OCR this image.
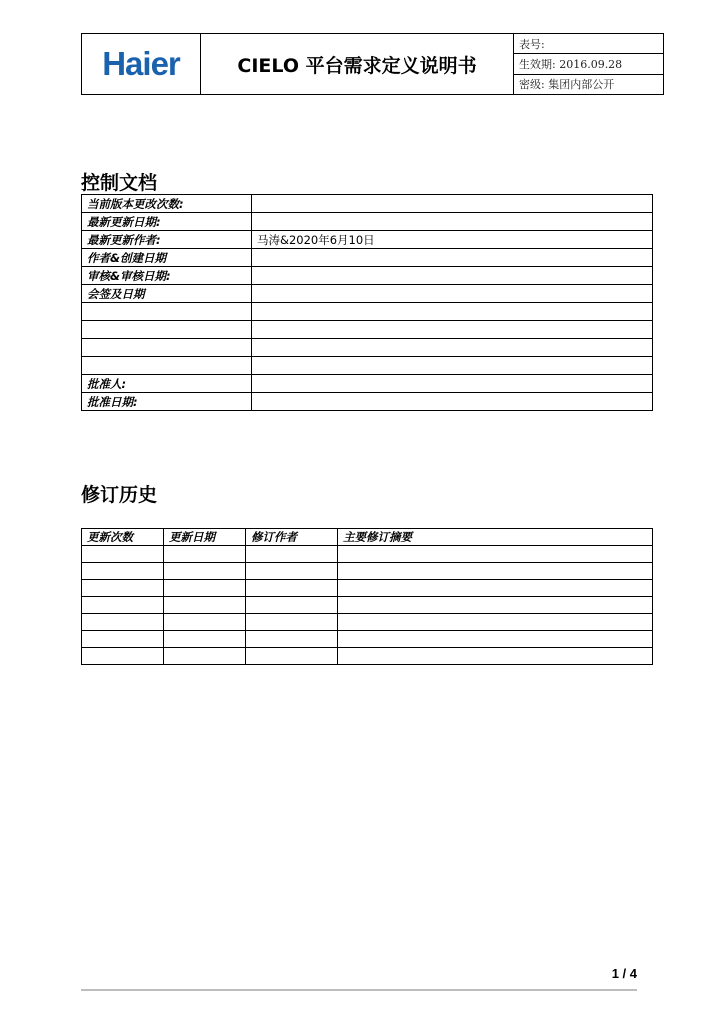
Haier	CIELO 平台需求定义说明书
表号:
生效期: 2016.09.28
密级: 集团内部公开
控制文档
当前版本更改次数:	
最新更新日期:	
最新更新作者:	马涛&2020年6月10日
作者&创建日期	
审核&审核日期:	
会签及日期	

批准人:	
批准日期:	
修订历史
更新次数	更新日期	修订作者	主要修订摘要

1 / 4
